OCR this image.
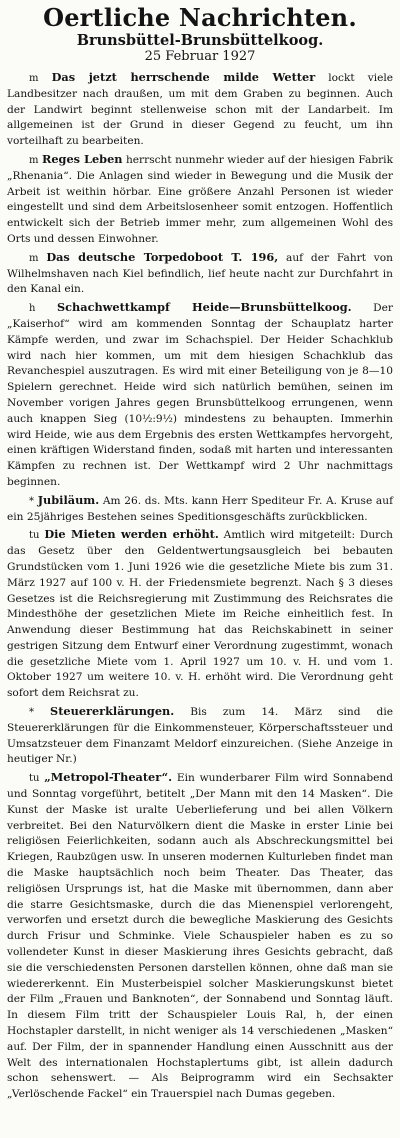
Oertliche Nachrichten.
Brunsbüttel-Brunsbüttelkoog.
25 Februar 1927

m Das jetzt herrschende milde Wetter lockt viele Landbesitzer nach draußen, um mit dem Graben zu beginnen. Auch der Landwirt beginnt stellenweise schon mit der Landarbeit. Im allgemeinen ist der Grund in dieser Gegend zu feucht, um ihn vorteilhaft zu bearbeiten.

m Reges Leben herrscht nunmehr wieder auf der hiesigen Fabrik „Rhenania“. Die Anlagen sind wieder in Bewegung und die Musik der Arbeit ist weithin hörbar. Eine größere Anzahl Personen ist wieder eingestellt und sind dem Arbeitslosenheer somit entzogen. Hoffentlich entwickelt sich der Betrieb immer mehr, zum allgemeinen Wohl des Orts und dessen Einwohner.

m Das deutsche Torpedoboot T. 196, auf der Fahrt von Wilhelmshaven nach Kiel befindlich, lief heute nacht zur Durchfahrt in den Kanal ein.

h Schachwettkampf Heide—Brunsbüttelkoog. Der „Kaiserhof“ wird am kommenden Sonntag der Schauplatz harter Kämpfe werden, und zwar im Schachspiel. Der Heider Schachklub wird nach hier kommen, um mit dem hiesigen Schachklub das Revanchespiel auszutragen. Es wird mit einer Beteiligung von je 8—10 Spielern gerechnet. Heide wird sich natürlich bemühen, seinen im November vorigen Jahres gegen Brunsbüttelkoog errungenen, wenn auch knappen Sieg (10½:9½) mindestens zu behaupten. Immerhin wird Heide, wie aus dem Ergebnis des ersten Wettkampfes hervorgeht, einen kräftigen Widerstand finden, sodaß mit harten und interessanten Kämpfen zu rechnen ist. Der Wettkampf wird 2 Uhr nachmittags beginnen.

* Jubiläum. Am 26. ds. Mts. kann Herr Spediteur Fr. A. Kruse auf ein 25jähriges Bestehen seines Speditionsgeschäfts zurückblicken.

tu Die Mieten werden erhöht. Amtlich wird mitgeteilt: Durch das Gesetz über den Geldentwertungsausgleich bei bebauten Grundstücken vom 1. Juni 1926 wie die gesetzliche Miete bis zum 31. März 1927 auf 100 v. H. der Friedensmiete begrenzt. Nach § 3 dieses Gesetzes ist die Reichsregierung mit Zustimmung des Reichsrates die Mindesthöhe der gesetzlichen Miete im Reiche einheitlich fest. In Anwendung dieser Bestimmung hat das Reichskabinett in seiner gestrigen Sitzung dem Entwurf einer Verordnung zugestimmt, wonach die gesetzliche Miete vom 1. April 1927 um 10. v. H. und vom 1. Oktober 1927 um weitere 10. v. H. erhöht wird. Die Verordnung geht sofort dem Reichsrat zu.

* Steuererklärungen. Bis zum 14. März sind die Steuererklärungen für die Einkommensteuer, Körperschaftssteuer und Umsatzsteuer dem Finanzamt Meldorf einzureichen. (Siehe Anzeige in heutiger Nr.)

tu „Metropol-Theater“. Ein wunderbarer Film wird Sonnabend und Sonntag vorgeführt, betitelt „Der Mann mit den 14 Masken“. Die Kunst der Maske ist uralte Ueberlieferung und bei allen Völkern verbreitet. Bei den Naturvölkern dient die Maske in erster Linie bei religiösen Feierlichkeiten, sodann auch als Abschreckungsmittel bei Kriegen, Raubzügen usw. In unseren modernen Kulturleben findet man die Maske hauptsächlich noch beim Theater. Das Theater, das religiösen Ursprungs ist, hat die Maske mit übernommen, dann aber die starre Gesichtsmaske, durch die das Mienenspiel verlorengeht, verworfen und ersetzt durch die bewegliche Maskierung des Gesichts durch Frisur und Schminke. Viele Schauspieler haben es zu so vollendeter Kunst in dieser Maskierung ihres Gesichts gebracht, daß sie die verschiedensten Personen darstellen können, ohne daß man sie wiedererkennt. Ein Musterbeispiel solcher Maskierungskunst bietet der Film „Frauen und Banknoten“, der Sonnabend und Sonntag läuft. In diesem Film tritt der Schauspieler Louis Ral, h, der einen Hochstapler darstellt, in nicht weniger als 14 verschiedenen „Masken“ auf. Der Film, der in spannender Handlung einen Ausschnitt aus der Welt des internationalen Hochstaplertums gibt, ist allein dadurch schon sehenswert. — Als Beiprogramm wird ein Sechsakter „Verlöschende Fackel“ ein Trauerspiel nach Dumas gegeben.
